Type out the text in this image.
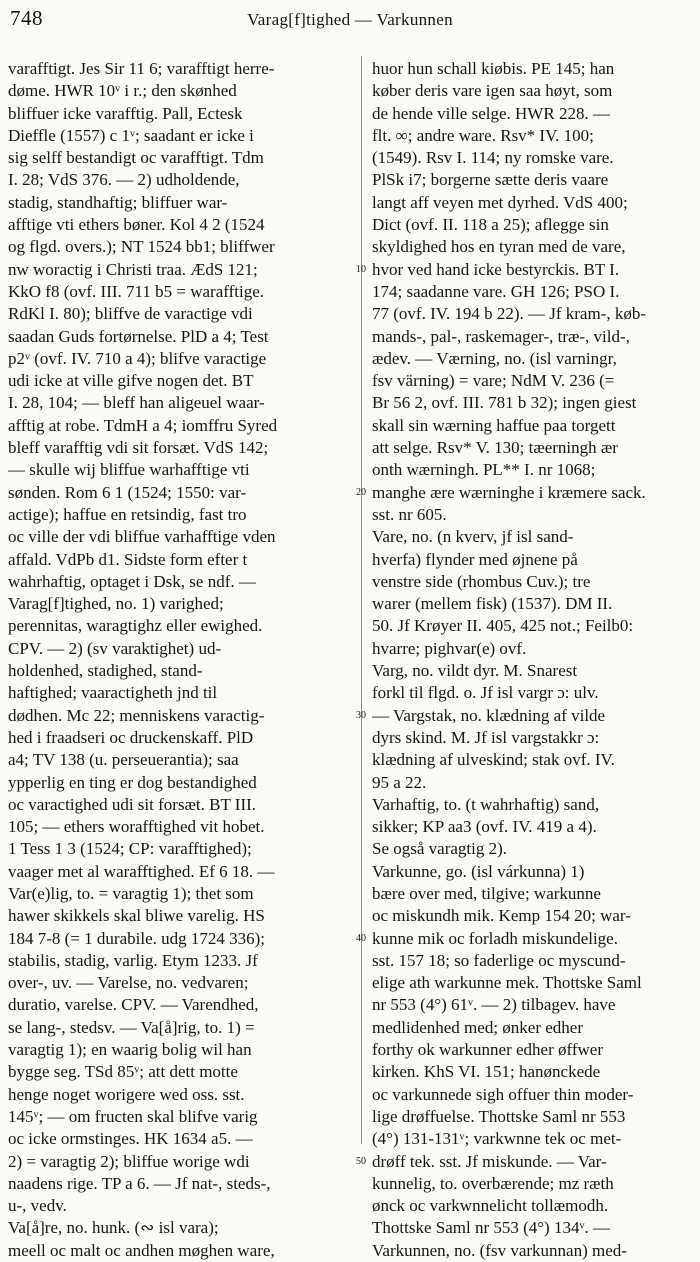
748	Varag[f]tighed — Varkunnen
varafftigt. Jes Sir 11 6; varafftigt herre-
døme. HWR 10ᵛ i r.; den skønhed
bliffuer icke varafftig. Pall, Ectesk
Dieffle (1557) c 1ᵛ; saadant er icke i
sig selff bestandigt oc varafftigt. Tdm
I. 28; VdS 376. — 2) udholdende,
stadig, standhaftig; bliffuer war-
afftige vti ethers bøner. Kol 4 2 (1524
og flgd. overs.); NT 1524 bb1; bliffwer
nw woractig i Christi traa. ÆdS 121;
KkO f8 (ovf. III. 711 b5 = warafftige.
RdKl I. 80); bliffve de varactige vdi
saadan Guds fortørnelse. PlD a 4; Test
p2ᵛ (ovf. IV. 710 a 4); blifve varactige
udi icke at ville gifve nogen det. BT
I. 28, 104; — bleff han aligeuel waar-
afftig at robe. TdmH a 4; iomffru Syred
bleff varafftig vdi sit forsæt. VdS 142;
— skulle wij bliffue warhafftige vti
sønden. Rom 6 1 (1524; 1550: var-
actige); haffue en retsindig, fast tro
oc ville der vdi bliffue varhafftige vden
affald. VdPb d1. Sidste form efter t
wahrhaftig, optaget i Dsk, se ndf. —
Varag[f]tighed, no. 1) varighed;
perennitas, waragtighz eller ewighed.
CPV. — 2) (sv varaktighet) ud-
holdenhed, stadighed, stand-
haftighed; vaaractigheth jnd til
dødhen. Mc 22; menniskens varactig-
hed i fraadseri oc druckenskaff. PlD
a4; TV 138 (u. perseuerantia); saa
ypperlig en ting er dog bestandighed
oc varactighed udi sit forsæt. BT III.
105; — ethers worafftighed vit hobet.
1 Tess 1 3 (1524; CP: varafftighed);
vaager met al warafftighed. Ef 6 18. —
Var(e)lig, to. = varagtig 1); thet som
hawer skikkels skal bliwe varelig. HS
184 7-8 (= 1 durabile. udg 1724 336);
stabilis, stadig, varlig. Etym 1233. Jf
over-, uv. — Varelse, no. vedvaren;
duratio, varelse. CPV. — Varendhed,
se lang-, stedsv. — Va[å]rig, to. 1) =
varagtig 1); en waarig bolig wil han
bygge seg. TSd 85ᵛ; att dett motte
henge noget worigere wed oss. sst.
145ᵛ; — om fructen skal blifve varig
oc icke ormstinges. HK 1634 a5. —
2) = varagtig 2); bliffue worige wdi
naadens rige. TP a 6. — Jf nat-, steds-,
u-, vedv.
Va[å]re, no. hunk. (∾ isl vara);
meell oc malt oc andhen møghen ware,
10
20
30
40
50
huor hun schall kiøbis. PE 145; han
køber deris vare igen saa høyt, som
de hende ville selge. HWR 228. —
flt. ∞; andre ware. Rsv* IV. 100;
(1549). Rsv I. 114; ny romske vare.
PlSk i7; borgerne sætte deris vaare
langt aff veyen met dyrhed. VdS 400;
Dict (ovf. II. 118 a 25); aflegge sin
skyldighed hos en tyran med de vare,
hvor ved hand icke bestyrckis. BT I.
174; saadanne vare. GH 126; PSO I.
77 (ovf. IV. 194 b 22). — Jf kram-, køb-
mands-, pal-, raskemager-, træ-, vild-,
ædev. — Værning, no. (isl varningr,
fsv värning) = vare; NdM V. 236 (=
Br 56 2, ovf. III. 781 b 32); ingen giest
skall sin wærning haffue paa torgett
att selge. Rsv* V. 130; tæerningh ær
onth wærningh. PL** I. nr 1068;
manghe ære wærninghe i kræmere sack.
sst. nr 605.
Vare, no. (n kverv, jf isl sand-
hverfa) flynder med øjnene på
venstre side (rhombus Cuv.); tre
warer (mellem fisk) (1537). DM II.
50. Jf Krøyer II. 405, 425 not.; Feilb0:
hvarre; pighvar(e) ovf.
Varg, no. vildt dyr. M. Snarest
forkl til flgd. o. Jf isl vargr ɔ: ulv.
— Vargstak, no. klædning af vilde
dyrs skind. M. Jf isl vargstakkr ɔ:
klædning af ulveskind; stak ovf. IV.
95 a 22.
Varhaftig, to. (t wahrhaftig) sand,
sikker; KP aa3 (ovf. IV. 419 a 4).
Se også varagtig 2).
Varkunne, go. (isl várkunna) 1)
bære over med, tilgive; warkunne
oc miskundh mik. Kemp 154 20; war-
kunne mik oc forladh miskundelige.
sst. 157 18; so faderlige oc myscund-
elige ath warkunne mek. Thottske Saml
nr 553 (4°) 61ᵛ. — 2) tilbagev. have
medlidenhed med; ønker edher
forthy ok warkunner edher øffwer
kirken. KhS VI. 151; hanønckede
oc varkunnede sigh offuer thin moder-
lige drøffuelse. Thottske Saml nr 553
(4°) 131-131ᵛ; varkwnne tek oc met-
drøff tek. sst. Jf miskunde. — Var-
kunnelig, to. overbærende; mz ræth
ønck oc varkwnnelicht tollæmodh.
Thottske Saml nr 553 (4°) 134ᵛ. —
Varkunnen, no. (fsv varkunnan) med-
